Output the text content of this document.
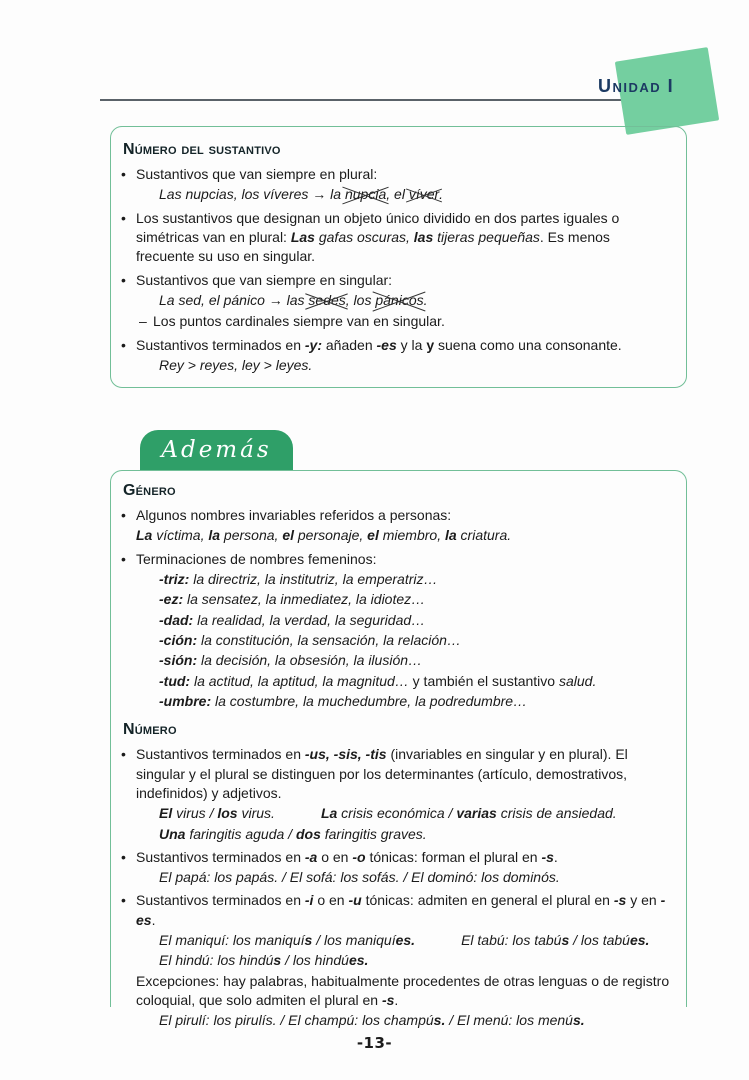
Unidad I
Número del sustantivo
• Sustantivos que van siempre en plural:
Las nupcias, los víveres → la nupcia, el víver.
• Los sustantivos que designan un objeto único dividido en dos partes iguales o simétricas van en plural: Las gafas oscuras, las tijeras pequeñas. Es menos frecuente su uso en singular.
• Sustantivos que van siempre en singular:
La sed, el pánico → las sedes, los pánicos.
– Los puntos cardinales siempre van en singular.
• Sustantivos terminados en -y: añaden -es y la y suena como una consonante.
Rey > reyes, ley > leyes.
Además
Género
• Algunos nombres invariables referidos a personas:
La víctima, la persona, el personaje, el miembro, la criatura.
• Terminaciones de nombres femeninos:
-triz: la directriz, la institutriz, la emperatriz…
-ez: la sensatez, la inmediatez, la idiotez…
-dad: la realidad, la verdad, la seguridad…
-ción: la constitución, la sensación, la relación…
-sión: la decisión, la obsesión, la ilusión…
-tud: la actitud, la aptitud, la magnitud… y también el sustantivo salud.
-umbre: la costumbre, la muchedumbre, la podredumbre…
Número
• Sustantivos terminados en -us, -sis, -tis (invariables en singular y en plural). El singular y el plural se distinguen por los determinantes (artículo, demostrativos, indefinidos) y adjetivos.
El virus / los virus.	La crisis económica / varias crisis de ansiedad.
Una faringitis aguda / dos faringitis graves.
• Sustantivos terminados en -a o en -o tónicas: forman el plural en -s.
El papá: los papás. / El sofá: los sofás. / El dominó: los dominós.
• Sustantivos terminados en -i o en -u tónicas: admiten en general el plural en -s y en -es.
El maniquí: los maniquís / los maniquíes.	El tabú: los tabús / los tabúes.
El hindú: los hindús / los hindúes.
Excepciones: hay palabras, habitualmente procedentes de otras lenguas o de registro coloquial, que solo admiten el plural en -s.
El pirulí: los pirulís. / El champú: los champús. / El menú: los menús.
-13-
